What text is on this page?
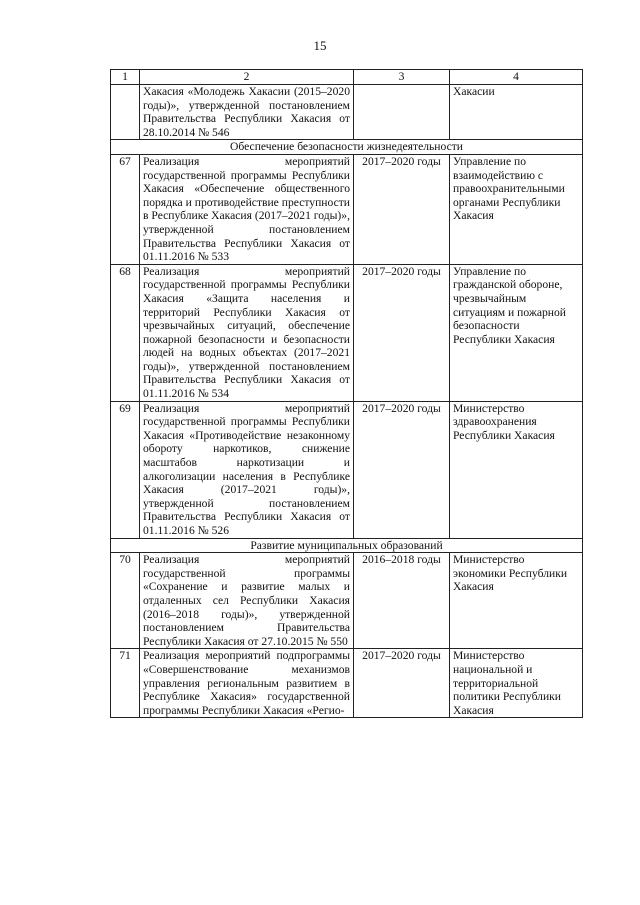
15
1	2	3	4
	Хакасия «Молодежь Хакасии (2015–2020 годы)», утвержденной постановлением Правительства Республики Хакасия от 28.10.2014 № 546		Хакасии
Обеспечение безопасности жизнедеятельности			
67	Реализация мероприятий государственной программы Республики Хакасия «Обеспечение общественного порядка и противодействие преступности в Республике Хакасия (2017–2021 годы)», утвержденной постановлением Правительства Республики Хакасия от 01.11.2016 № 533	2017–2020 годы	Управление по взаимодействию с правоохранительными органами Республики Хакасия
68	Реализация мероприятий государственной программы Республики Хакасия «Защита населения и территорий Республики Хакасия от чрезвычайных ситуаций, обеспечение пожарной безопасности и безопасности людей на водных объектах (2017–2021 годы)», утвержденной постановлением Правительства Республики Хакасия от 01.11.2016 № 534	2017–2020 годы	Управление по гражданской обороне, чрезвычайным ситуациям и пожарной безопасности Республики Хакасия
69	Реализация мероприятий государственной программы Республики Хакасия «Противодействие незаконному обороту наркотиков, снижение масштабов наркотизации и алкоголизации населения в Республике Хакасия (2017–2021 годы)», утвержденной постановлением Правительства Республики Хакасия от 01.11.2016 № 526	2017–2020 годы	Министерство здравоохранения Республики Хакасия
Развитие муниципальных образований			
70	Реализация мероприятий государственной программы «Сохранение и развитие малых и отдаленных сел Республики Хакасия (2016–2018 годы)», утвержденной постановлением Правительства Республики Хакасия от 27.10.2015 № 550	2016–2018 годы	Министерство экономики Республики Хакасия
71	Реализация мероприятий подпрограммы «Совершенствование механизмов управления региональным развитием в Республике Хакасия» государственной программы Республики Хакасия «Регио-	2017–2020 годы	Министерство национальной и территориальной политики Республики Хакасия
